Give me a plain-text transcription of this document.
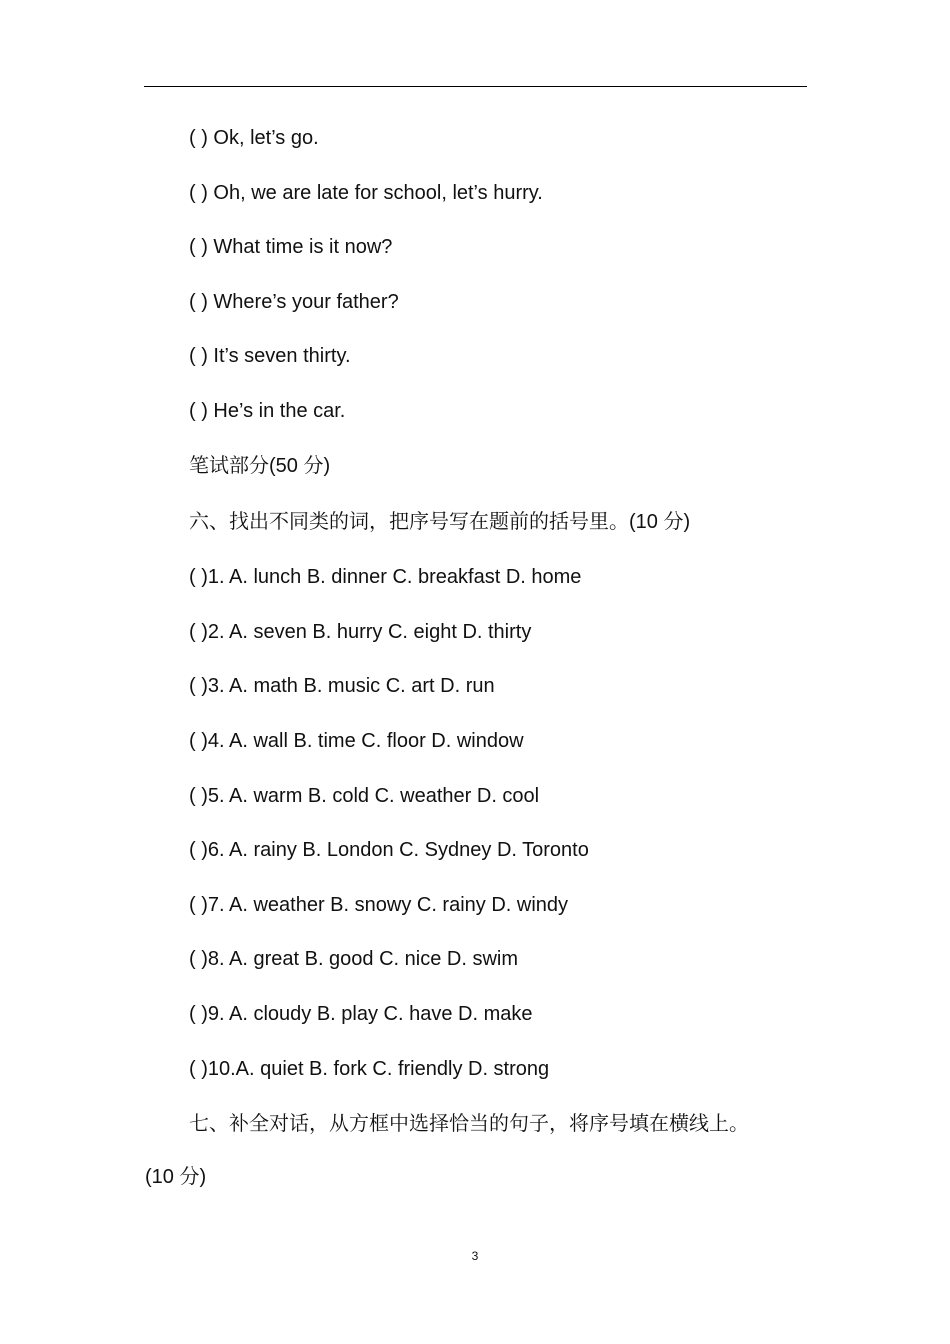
( ) Ok, let’s go.
( ) Oh, we are late for school, let’s hurry.
( ) What time is it now?
( ) Where’s your father?
( ) It’s seven thirty.
( ) He’s in the car.
笔试部分(50 分)
六、找出不同类的词，把序号写在题前的括号里。(10 分)
( )1. A. lunch B. dinner C. breakfast D. home
( )2. A. seven B. hurry C. eight D. thirty
( )3. A. math B. music C. art D. run
( )4. A. wall B. time C. floor D. window
( )5. A. warm B. cold C. weather D. cool
( )6. A. rainy B. London C. Sydney D. Toronto
( )7. A. weather B. snowy C. rainy D. windy
( )8. A. great B. good C. nice D. swim
( )9. A. cloudy B. play C. have D. make
( )10.A. quiet B. fork C. friendly D. strong
七、补全对话，从方框中选择恰当的句子，将序号填在横线上。
(10 分)
3
